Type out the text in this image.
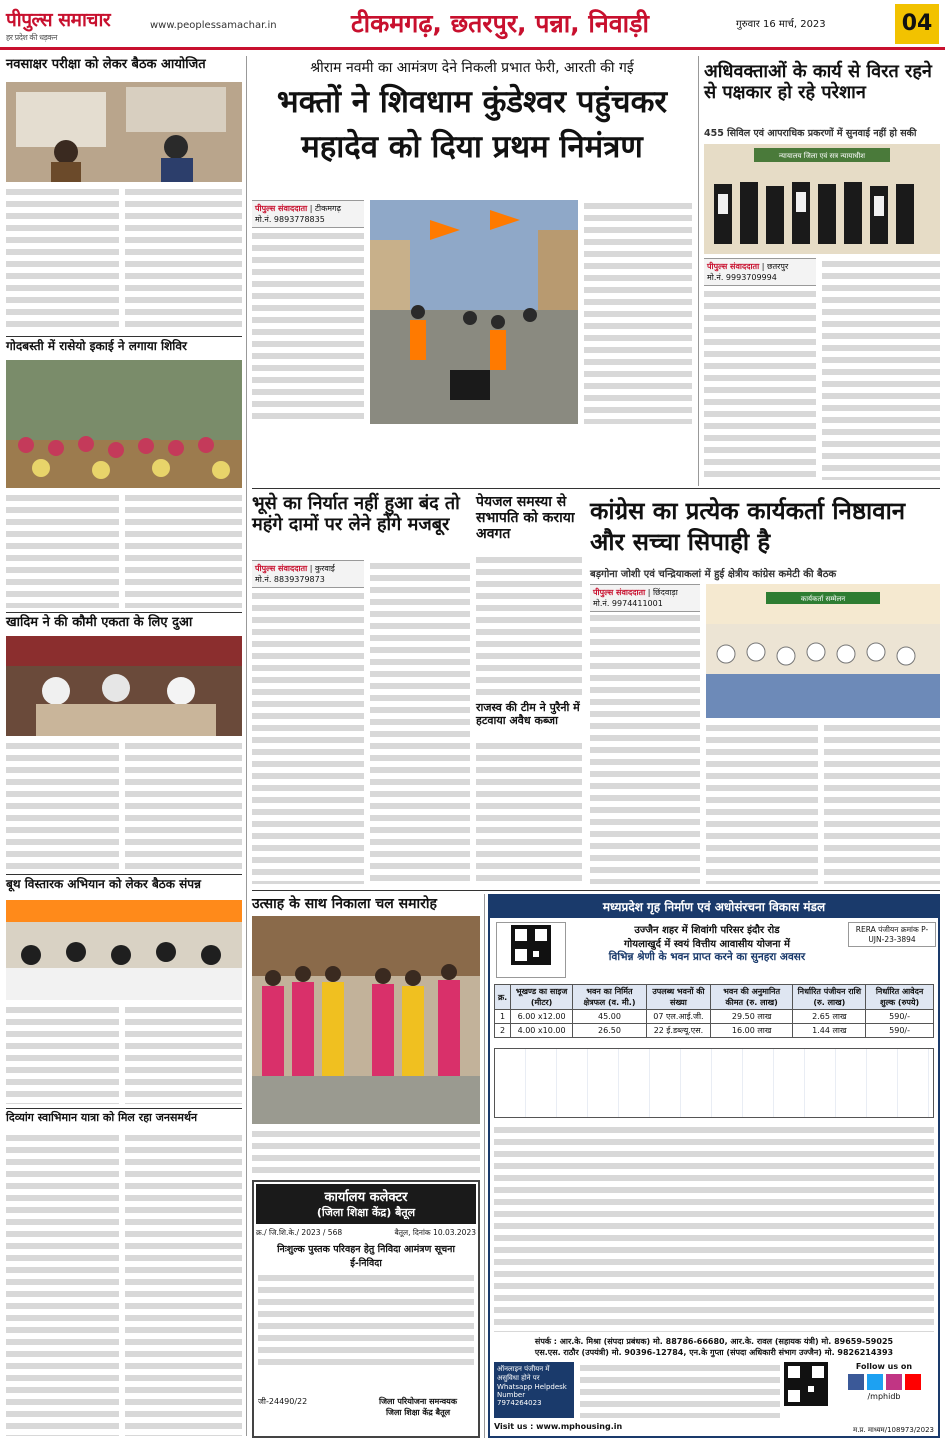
पीपुल्स समाचार
हर प्रदेश की धड़कन
www.peoplessamachar.in	टीकमगढ़, छतरपुर, पन्ना, निवाड़ी	गुरुवार 16 मार्च, 2023	04
नवसाक्षर परीक्षा को लेकर बैठक आयोजित
गोदबस्ती में रासेयो इकाई ने लगाया शिविर
खादिम ने की कौमी एकता के लिए दुआ
बूथ विस्तारक अभियान को लेकर बैठक संपन्न
दिव्यांग स्वाभिमान यात्रा को मिल रहा जनसमर्थन
श्रीराम नवमी का आमंत्रण देने निकली प्रभात फेरी, आरती की गई
भक्तों ने शिवधाम कुंडेश्वर पहुंचकर महादेव को दिया प्रथम निमंत्रण
पीपुल्स संवाददाता | टीकमगढ़
मो.नं. 9893778835
अधिवक्ताओं के कार्य से विरत रहने से पक्षकार हो रहे परेशान
455 सिविल एवं आपराधिक प्रकरणों में सुनवाई नहीं हो सकी
न्यायालय जिला एवं सत्र न्यायाधीश
पीपुल्स संवाददाता | छतरपुर
मो.नं. 9993709994
भूसे का निर्यात नहीं हुआ बंद तो महंगे दामों पर लेने होंगे मजबूर
पीपुल्स संवाददाता | कुरवाई
मो.नं. 8839379873
पेयजल समस्या से सभापति को कराया अवगत
राजस्व की टीम ने पुरैनी में हटवाया अवैध कब्जा
कांग्रेस का प्रत्येक कार्यकर्ता निष्ठावान और सच्चा सिपाही है
बड़गोना जोशी एवं चन्द्रियाकलां में हुई क्षेत्रीय कांग्रेस कमेटी की बैठक
पीपुल्स संवाददाता | छिंदवाड़ा
मो.नं. 9974411001	कार्यकर्ता सम्मेलन
उत्साह के साथ निकाला चल समारोह
कार्यालय कलेक्टर
(जिला शिक्षा केंद्र) बैतूल
क्र./ जि.शि.के./ 2023 / 568	बैतूल, दिनांक 10.03.2023
निःशुल्क पुस्तक परिवहन हेतु निविदा आमंत्रण सूचना
ई-निविदा
जी-24490/22	जिला परियोजना समन्वयक
जिला शिक्षा केंद्र बैतूल
मध्यप्रदेश गृह निर्माण एवं अधोसंरचना विकास मंडल
उज्जैन शहर में शिवांगी परिसर इंदौर रोड
गोयलाखुर्द में स्वयं वित्तीय आवासीय योजना में
विभिन्न श्रेणी के भवन प्राप्त करने का सुनहरा अवसर
RERA पंजीयन क्रमांक P-UJN-23-3894
क्र.	भूखण्ड का साइज (मीटर)	भवन का निर्मित क्षेत्रफल (व. मी.)	उपलब्ध भवनों की संख्या	भवन की अनुमानित कीमत (रु. लाख)	निर्धारित पंजीयन राशि (रु. लाख)	निर्धारित आवेदन शुल्क (रुपये)
1	6.00 x12.00	45.00	07 एल.आई.जी.	29.50 लाख	2.65 लाख	590/-
2	4.00 x10.00	26.50	22 ई.डब्ल्यू.एस.	16.00 लाख	1.44 लाख	590/-
संपर्क : आर.के. मिश्रा (संपदा प्रबंधक) मो. 88786-66680, आर.के. रावल (सहायक यंत्री) मो. 89659-59025
एस.एस. राठौर (उपयंत्री) मो. 90396-12784, एन.के गुप्ता (संपदा अधिकारी संभाग उज्जैन) मो. 9826214393
ऑनलाइन पंजीयन में असुविधा होने पर Whatsapp Helpdesk Number 7974264023
Follow us on
/mphidb
Visit us : www.mphousing.in	म.प्र. माध्यम/108973/2023
